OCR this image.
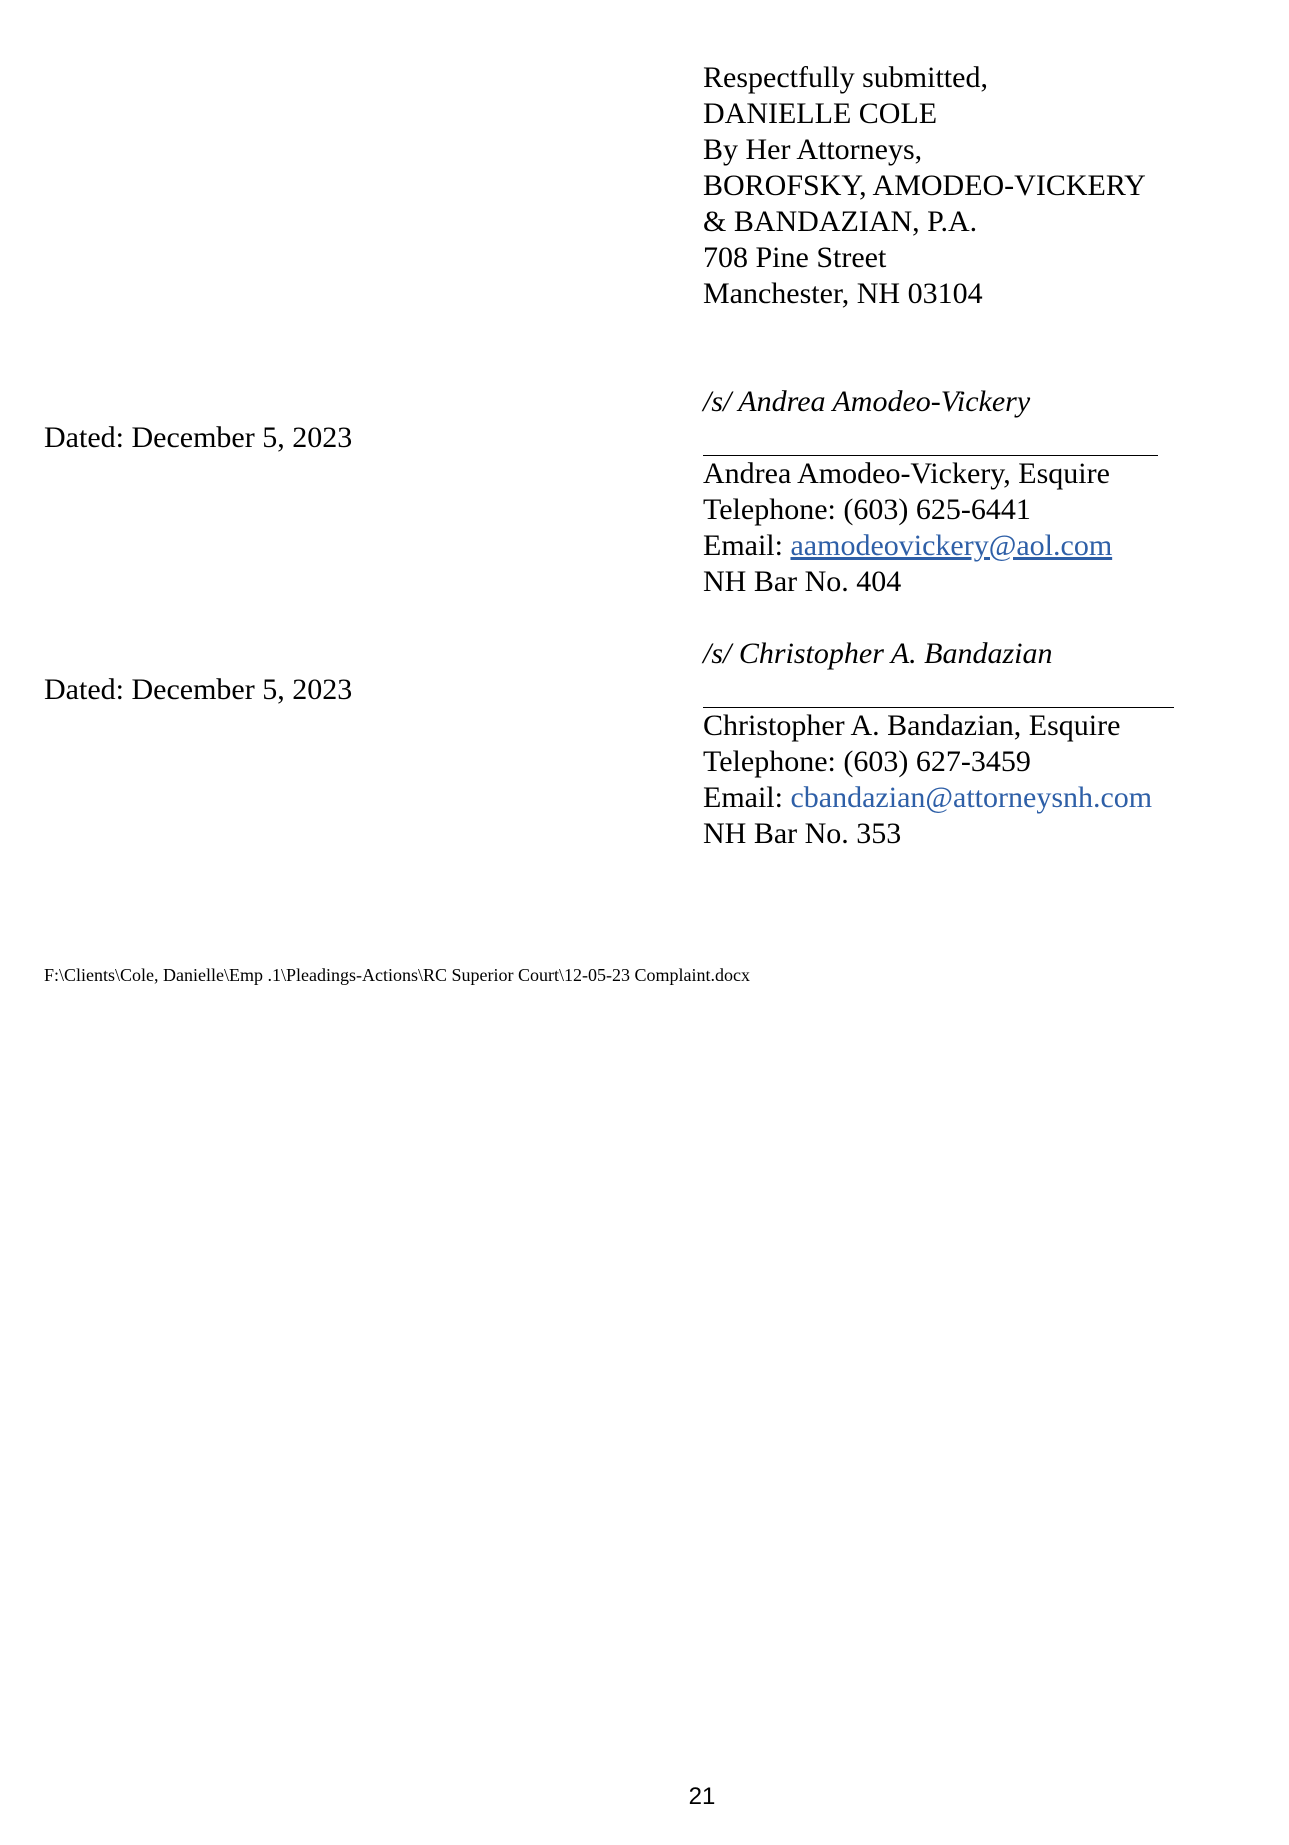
Respectfully submitted,
DANIELLE COLE
By Her Attorneys,
BOROFSKY, AMODEO-VICKERY
& BANDAZIAN, P.A.
708 Pine Street
Manchester, NH 03104
/s/ Andrea Amodeo-Vickery
Dated: December 5, 2023
Andrea Amodeo-Vickery, Esquire
Telephone: (603) 625-6441
Email: aamodeovickery@aol.com
NH Bar No. 404
/s/ Christopher A. Bandazian
Dated: December 5, 2023
Christopher A. Bandazian, Esquire
Telephone: (603) 627-3459
Email: cbandazian@attorneysnh.com
NH Bar No. 353
F:\Clients\Cole, Danielle\Emp .1\Pleadings-Actions\RC Superior Court\12-05-23 Complaint.docx
21
